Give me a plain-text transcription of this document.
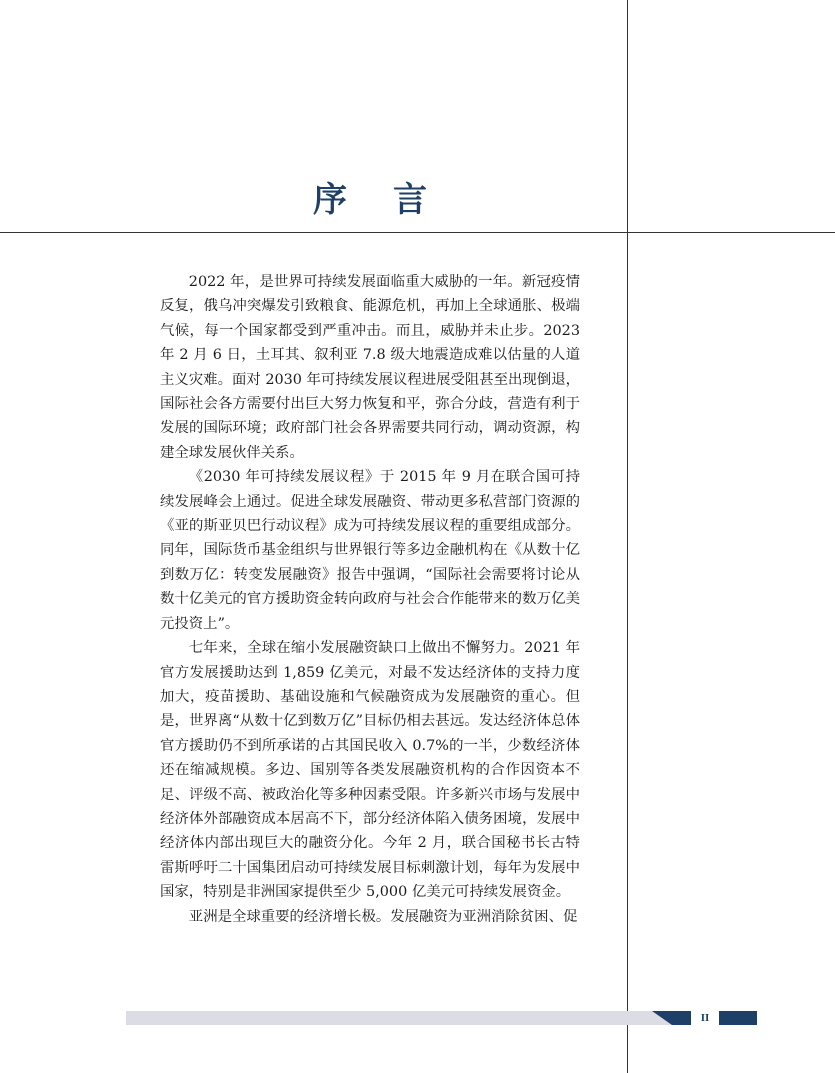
序 言

2022 年，是世界可持续发展面临重大威胁的一年。新冠疫情反复，俄乌冲突爆发引致粮食、能源危机，再加上全球通胀、极端气候，每一个国家都受到严重冲击。而且，威胁并未止步。2023 年 2 月 6 日，土耳其、叙利亚 7.8 级大地震造成难以估量的人道主义灾难。面对 2030 年可持续发展议程进展受阻甚至出现倒退，国际社会各方需要付出巨大努力恢复和平，弥合分歧，营造有利于发展的国际环境；政府部门社会各界需要共同行动，调动资源，构建全球发展伙伴关系。

《2030 年可持续发展议程》于 2015 年 9 月在联合国可持续发展峰会上通过。促进全球发展融资、带动更多私营部门资源的《亚的斯亚贝巴行动议程》成为可持续发展议程的重要组成部分。同年，国际货币基金组织与世界银行等多边金融机构在《从数十亿到数万亿：转变发展融资》报告中强调，“国际社会需要将讨论从数十亿美元的官方援助资金转向政府与社会合作能带来的数万亿美元投资上”。

七年来，全球在缩小发展融资缺口上做出不懈努力。2021 年官方发展援助达到 1,859 亿美元，对最不发达经济体的支持力度加大，疫苗援助、基础设施和气候融资成为发展融资的重心。但是，世界离“从数十亿到数万亿”目标仍相去甚远。发达经济体总体官方援助仍不到所承诺的占其国民收入 0.7%的一半，少数经济体还在缩减规模。多边、国别等各类发展融资机构的合作因资本不足、评级不高、被政治化等多种因素受限。许多新兴市场与发展中经济体外部融资成本居高不下，部分经济体陷入债务困境，发展中经济体内部出现巨大的融资分化。今年 2 月，联合国秘书长古特雷斯呼吁二十国集团启动可持续发展目标刺激计划，每年为发展中国家，特别是非洲国家提供至少 5,000 亿美元可持续发展资金。

亚洲是全球重要的经济增长极。发展融资为亚洲消除贫困、促

II
